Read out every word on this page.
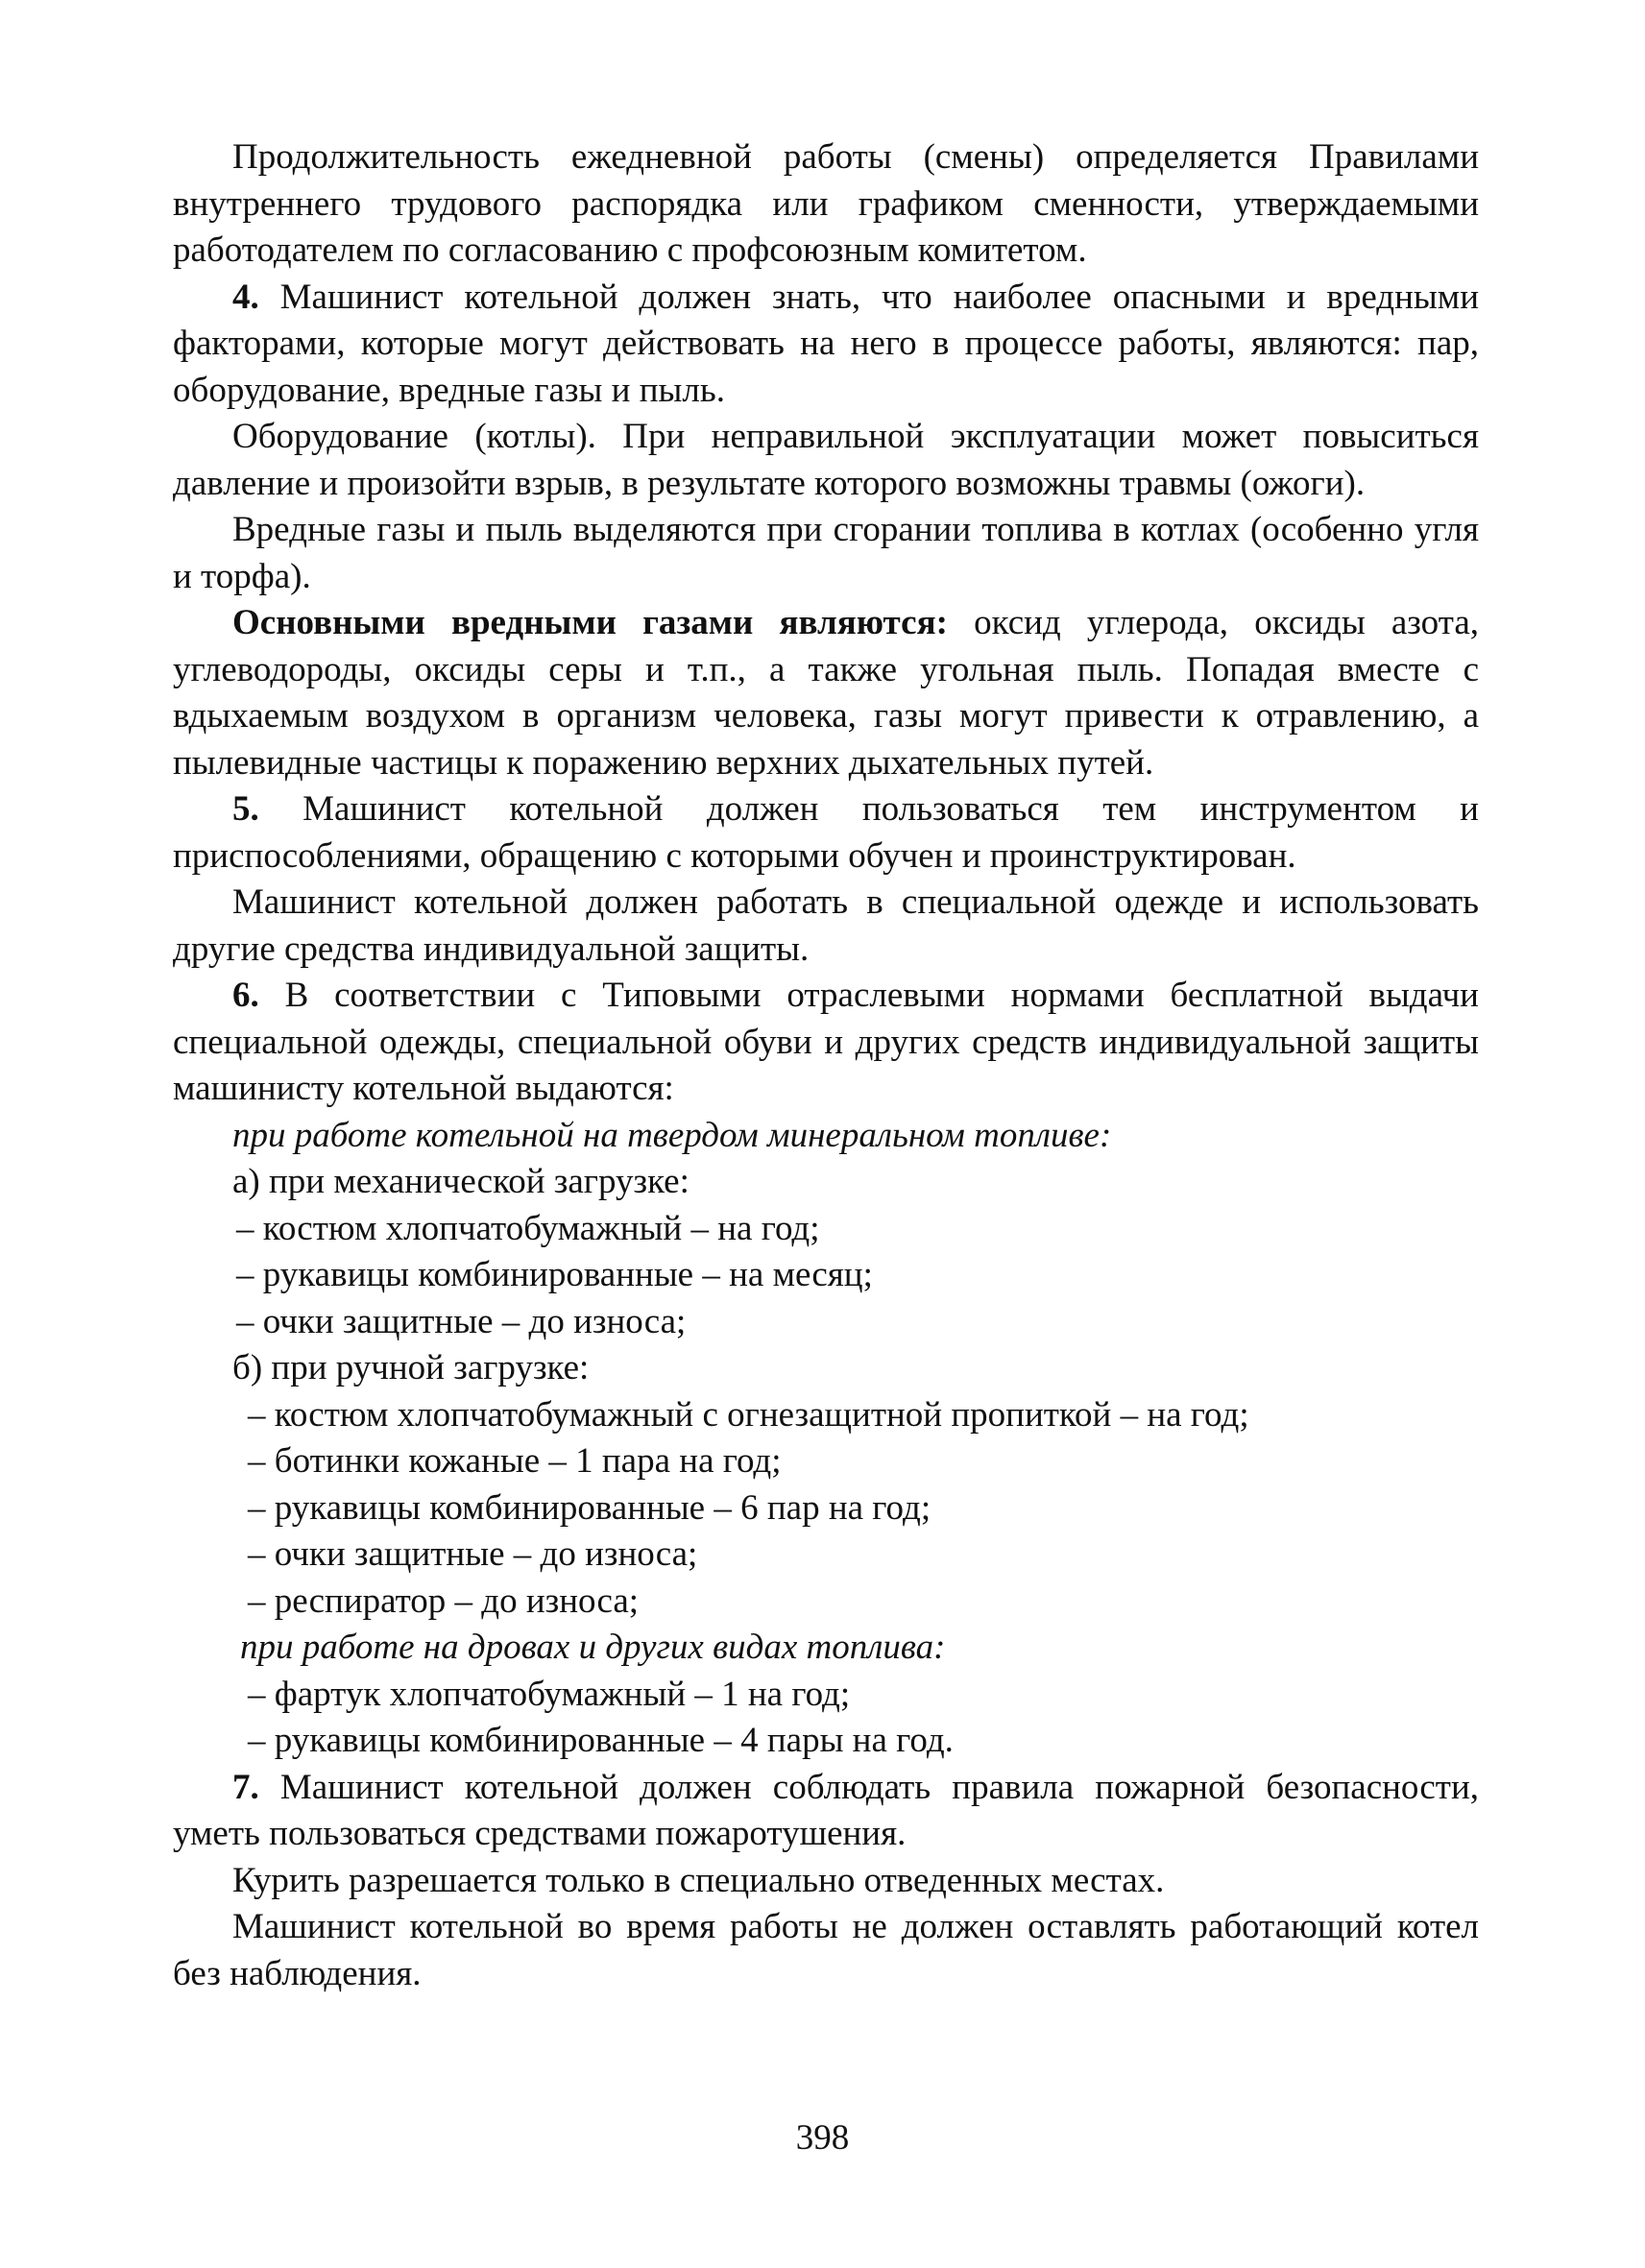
Продолжительность ежедневной работы (смены) определяется Правилами внутреннего трудового распорядка или графиком сменности, утверждаемыми работодателем по согласованию с профсоюзным комитетом.

4. Машинист котельной должен знать, что наиболее опасными и вредными факторами, которые могут действовать на него в процессе работы, являются: пар, оборудование, вредные газы и пыль.

Оборудование (котлы). При неправильной эксплуатации может повыситься давление и произойти взрыв, в результате которого возможны травмы (ожоги).

Вредные газы и пыль выделяются при сгорании топлива в котлах (особенно угля и торфа).

Основными вредными газами являются: оксид углерода, оксиды азота, углеводороды, оксиды серы и т.п., а также угольная пыль. Попадая вместе с вдыхаемым воздухом в организм человека, газы могут привести к отравлению, а пылевидные частицы к поражению верхних дыхательных путей.

5. Машинист котельной должен пользоваться тем инструментом и приспособлениями, обращению с которыми обучен и проинструктирован.

Машинист котельной должен работать в специальной одежде и использовать другие средства индивидуальной защиты.

6. В соответствии с Типовыми отраслевыми нормами бесплатной выдачи специальной одежды, специальной обуви и других средств индивидуальной защиты машинисту котельной выдаются:

при работе котельной на твердом минеральном топливе:

а) при механической загрузке:

– костюм хлопчатобумажный – на год;

– рукавицы комбинированные – на месяц;

– очки защитные – до износа;

б) при ручной загрузке:

– костюм хлопчатобумажный с огнезащитной пропиткой – на год;

– ботинки кожаные – 1 пара на год;

– рукавицы комбинированные – 6 пар на год;

– очки защитные – до износа;

– респиратор – до износа;

при работе на дровах и других видах топлива:

– фартук хлопчатобумажный – 1 на год;

– рукавицы комбинированные – 4 пары на год.

7. Машинист котельной должен соблюдать правила пожарной безопасности, уметь пользоваться средствами пожаротушения.

Курить разрешается только в специально отведенных местах.

Машинист котельной во время работы не должен оставлять работающий котел без наблюдения.

398
